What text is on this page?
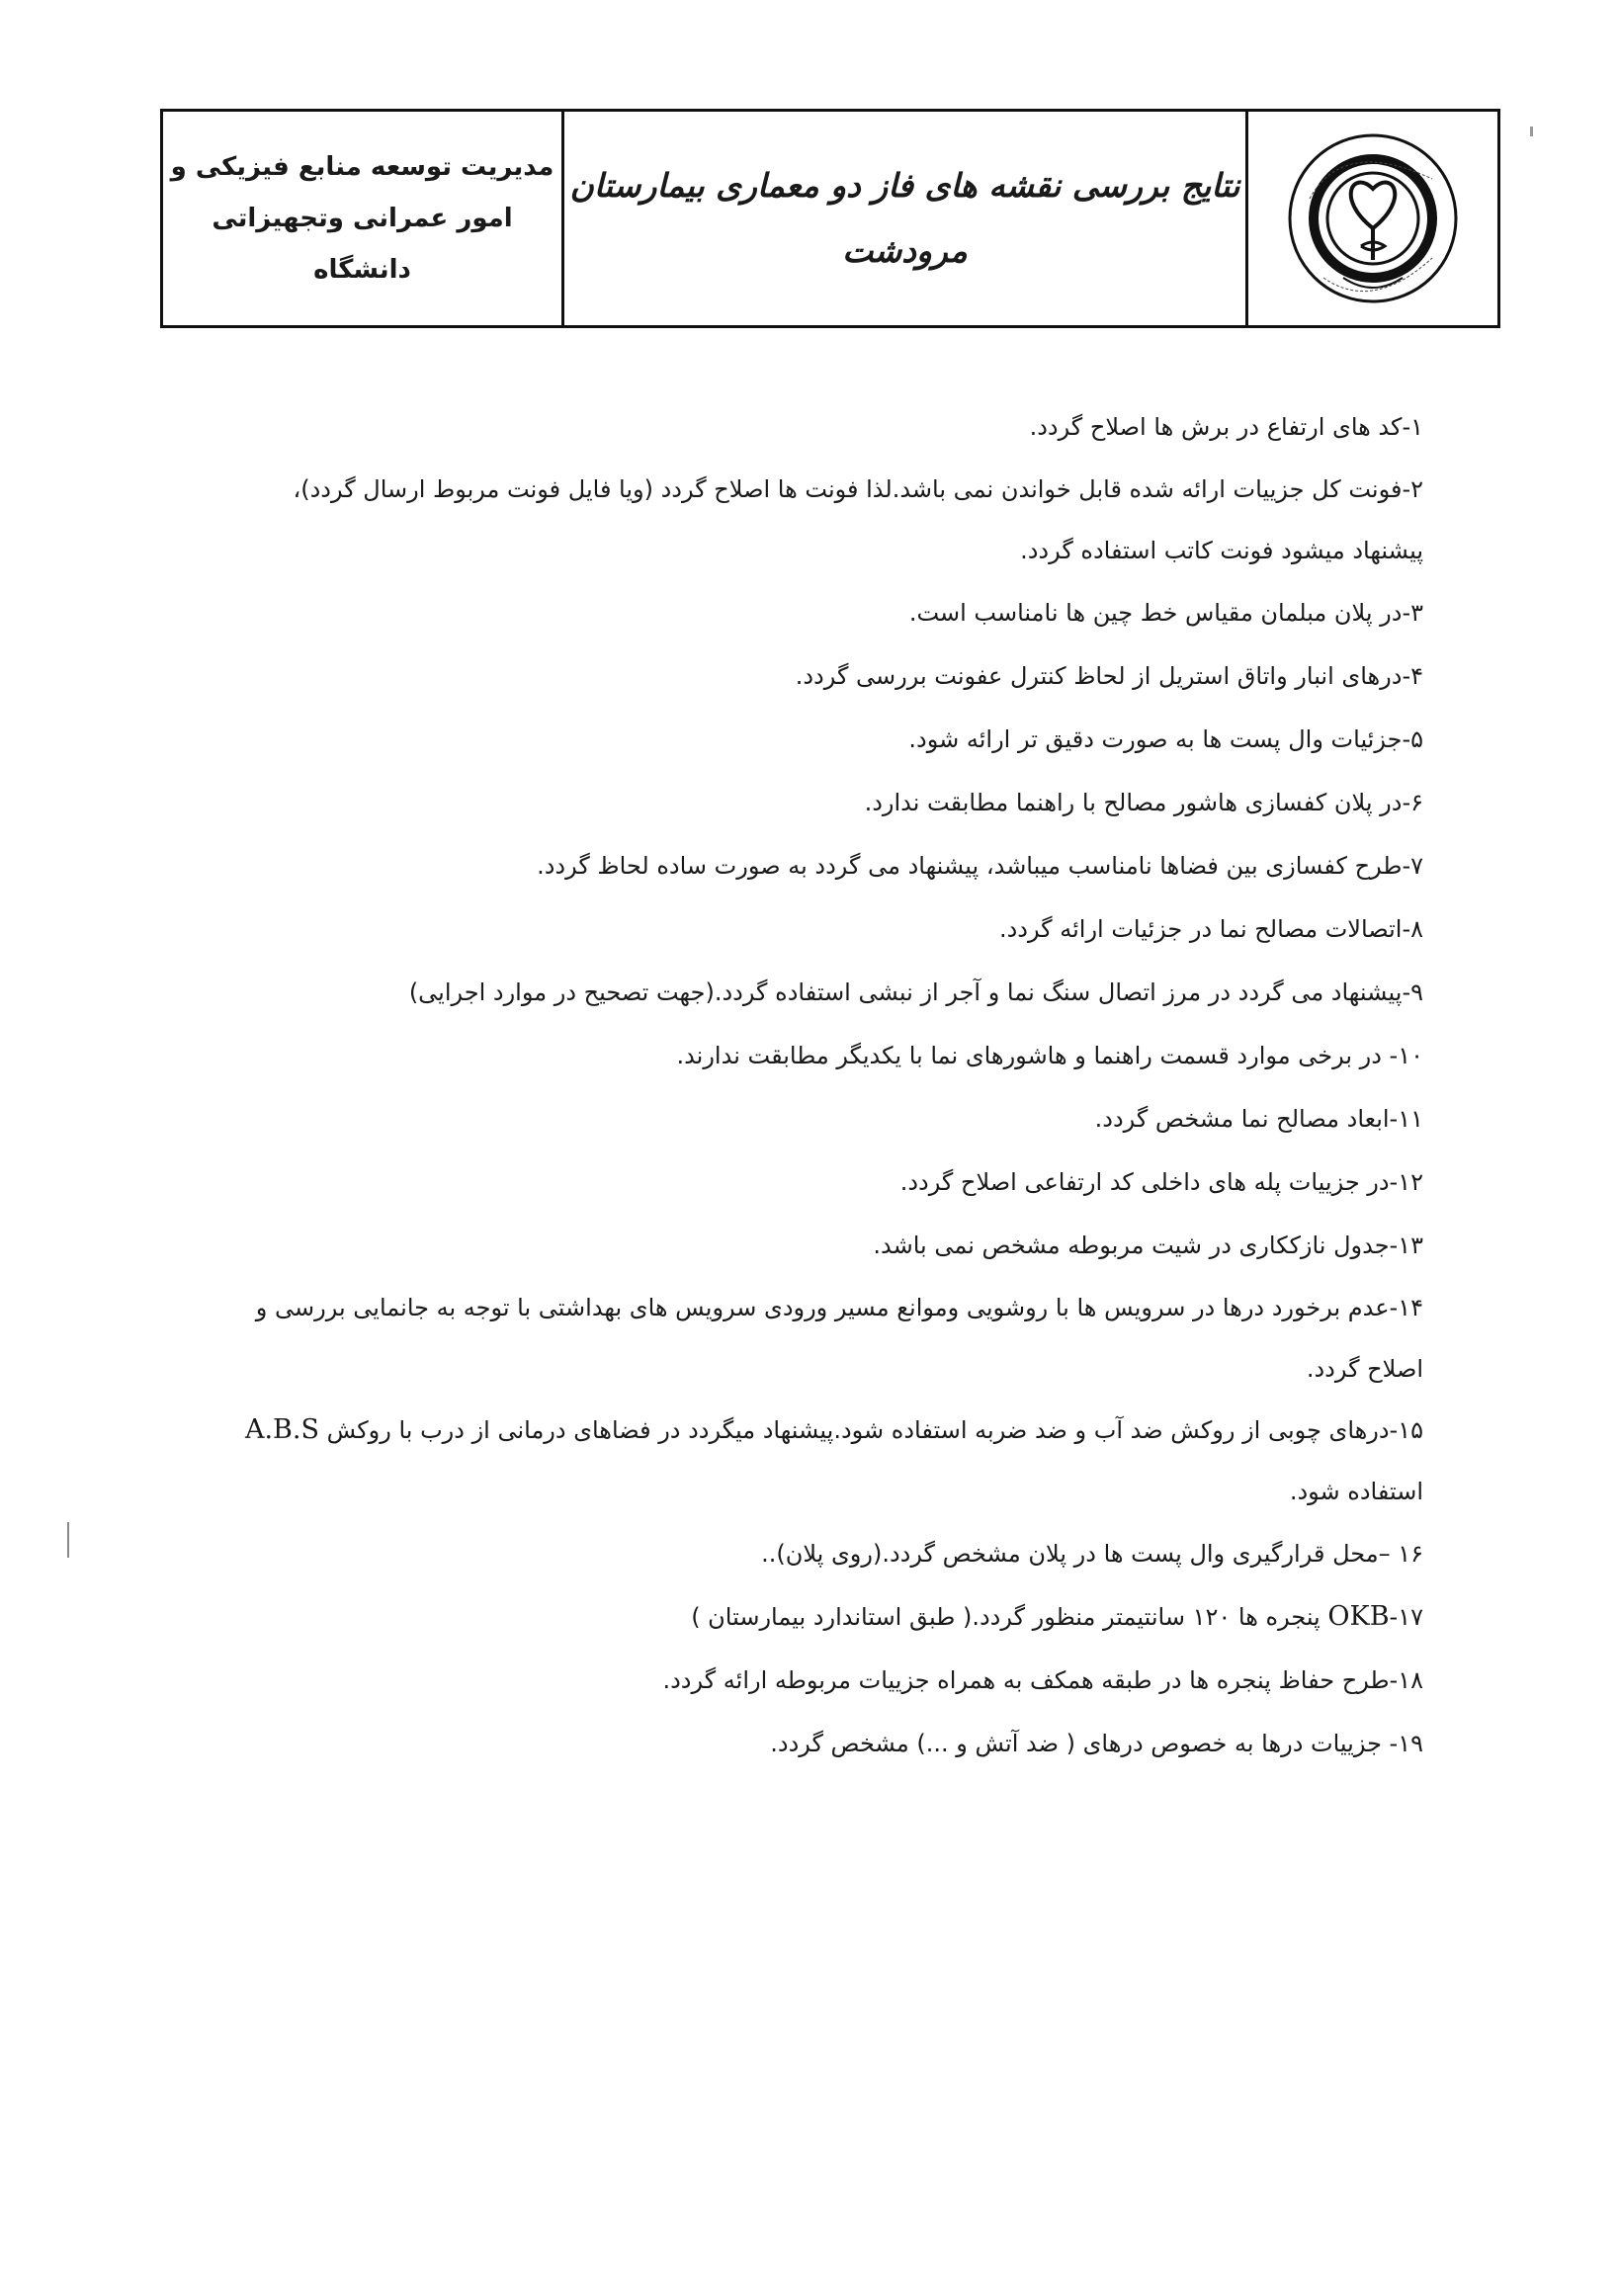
نتایج بررسی نقشه های فاز دو معماری بیمارستان
مرودشت
مدیریت توسعه منابع فیزیکی و
امور عمرانی وتجهیزاتی دانشگاه

۱-کد های ارتفاع در برش ها اصلاح گردد.

۲-فونت کل جزییات ارائه شده قابل خواندن نمی باشد.لذا فونت ها اصلاح گردد (ویا فایل فونت مربوط ارسال گردد)، پیشنهاد میشود فونت کاتب استفاده گردد.

۳-در پلان مبلمان مقیاس خط چین ها نامناسب است.

۴-درهای انبار واتاق استریل از لحاظ کنترل عفونت بررسی گردد.

۵-جزئیات وال پست ها به صورت دقیق تر ارائه شود.

۶-در پلان کفسازی هاشور مصالح با راهنما مطابقت ندارد.

۷-طرح کفسازی بین فضاها نامناسب میباشد، پیشنهاد می گردد به صورت ساده لحاظ گردد.

۸-اتصالات مصالح نما در جزئیات ارائه گردد.

۹-پیشنهاد می گردد در مرز اتصال سنگ نما و آجر از نبشی استفاده گردد.(جهت تصحیح در موارد اجرایی)

۱۰- در برخی موارد قسمت راهنما و هاشورهای نما با یکدیگر مطابقت ندارند.

۱۱-ابعاد مصالح نما مشخص گردد.

۱۲-در جزییات پله های داخلی کد ارتفاعی اصلاح گردد.

۱۳-جدول نازککاری در شیت مربوطه مشخص نمی باشد.

۱۴-عدم برخورد درها در سرویس ها با روشویی وموانع مسیر ورودی سرویس های بهداشتی با توجه به جانمایی بررسی و اصلاح گردد.

۱۵-درهای چوبی از روکش ضد آب و ضد ضربه استفاده شود.پیشنهاد میگردد در فضاهای درمانی از درب با روکش A.B.S استفاده شود.

۱۶ –محل قرارگیری وال پست ها در پلان مشخص گردد.(روی پلان)..

۱۷-OKB پنجره ها ۱۲۰ سانتیمتر منظور گردد.( طبق استاندارد بیمارستان )

۱۸-طرح حفاظ پنجره ها در طبقه همکف به همراه جزییات مربوطه ارائه گردد.

۱۹- جزییات درها به خصوص درهای ( ضد آتش و ...) مشخص گردد.
